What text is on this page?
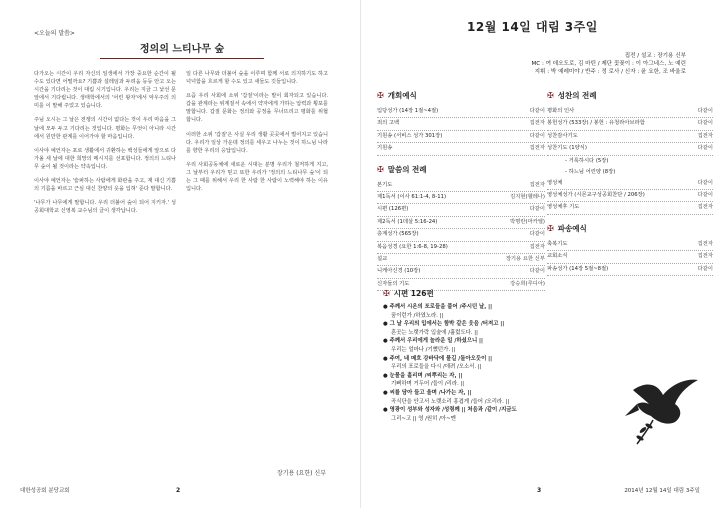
<오늘의 말씀>
정의의 느티나무 숲

다가오는 시간이 우리 자신의 일생에서 가장 중요한 순간이 될 수도 있다면 어떨까요? 기쁨과 설레임과 두려움 등등 안고 오는 시간을 기다리는 것이 대림 시기입니다. 우리는 지금 그 낯선 문 앞에서 기다립니다. 생태학에서의 '어린 왕자'에서 악우주의 의미를 이 말해 주었고 있습니다.

주님 오시는 그 날은 전쟁의 시간이 없다는 것이 우리 마음을 그 날에 모두 두고 기다리는 것입니다. 평화는 무엇이 아니라 시간에서 원만한 관계를 이어가야 할 마음입니다.

이사야 예언자는 포로 생활에서 귀환하는 백성들에게 앞으로 다가올 새 날에 대한 희망의 메시지를 선포합니다. 정의의 느티나무 숲이 될 것이라는 약속입니다.

이사야 예언자는 '슬퍼하는 사람에게 화관을 주고, 재 대신 기쁨의 기름을 바르고 근심 대신 찬양의 옷을 입혀' 준다 말합니다.

'나무가 나무에게 말합니다. 우리 더불어 숲이 되어 지키자.' 성공회대학교 신영복 교수님의 글이 생각납니다.

일 다른 나무와 더불어 숲을 이루며 함께 서로 의지하기도 하고 넉넉함을 흐르게 할 수도 있고 새들도 깃들입니다.

요즘 우리 사회에 소위 '갑질'이라는 말이 회자되고 있습니다. 갑을 관계라는 위계질서 속에서 약자에게 가하는 압력과 횡포를 말합니다. 갑질 문화는 정의와 공정을 무너뜨리고 평화를 위협합니다.

이러한 소위 '갑질'은 사실 우리 생활 곳곳에서 벌어지고 있습니다. 우리가 일상 가운데 정의를 세우고 나누는 것이 하느님 나라를 향한 우리의 응답입니다.

우리 사회공동체에 새로운 시대는 분명 우리가 철저하게 지고, 그 날부터 우리가 믿고 또한 우리가 '정의의 느티나무 숲'이 되는 그 때를 위해서 우리 한 사람 한 사람이 노력해야 하는 이유입니다.

장기용 (요한) 신부
대한성공회 분당교회	2
12월 14일 대림 3주일
집전 / 설교 : 장기용 신부
MC : 여 데오도로, 김 마틴 / 제단 꽃꽂이 : 이 아그네스, 노 예린
지휘 : 박 예레미야 / 반주 : 정 로사 / 신자 : 윤 요한, 조 바울로
✠ 개회예식
입당성가 (14장 1절~4절)	다같이
죄의 고백	집전자
기원송 (서비스 성가 301장)	다같이
기원송	집전자
✠ 말씀의 전례
본기도	집전자
제1독서 (이사 61:1-4, 8-11)	김지현(헬레나)
시편 (126편)	다같이
제2독서 (1데살 5:16-24)	박명란(마카엘)
층계성가 (565장)	다같이
복음성경 (요한 1:6-8, 19-28)	집전자
설교	장기용 요한 신부
니케아신경 (10장)	다같이
신자들의 기도	강승희(루디아)
✠ 성찬의 전례
평화의 인사	다같이
봉헌성가 (533장) / 봉헌 : 유청라아브라함	다같이
성찬감사기도	집전자
성찬기도 (1양식)	다같이
- 거룩하시다 (5장)
- 하느님 어린양 (8장)
영성체	다같이
영성체성가 (시몬교구성공회찬단 / 206장)	다같이
영성체후 기도	집전자
✠ 파송예식
축복기도	집전자
교회소식	집전자
파송성가 (14장 5절~8절)	다같이
✠ 시편 126편
● 주께서 시온의 포로들을 풀어 /주시던 날, ||
꿈이런가 /하였노라. ||
● 그 날 우리의 입에서는 함박 같은 웃음 /터져고 ||
혼곳는 노랫가락 입술에 /흘렀도다. ||
● 주께서 우리에게 놀라운 일 /하셨으니 ||
우리는 얼마나 /기뻤던가. ||
● 주여, 네 메흐 강바닥에 물길 /돌아오듯이 ||
우리의 포로들을 다시 /데려 /오소서. ||
● 눈물을 흘리며 /씨뿌리는 자, ||
기뻐하며 거두어 /들이 /리라. ||
● 씨를 담아 들고 울며 /나가는 자, ||
곡식단을 안고서 노랫소리 흥겹게 /들어 /오리라. ||
● 영광이 성부와 성자와 /성령께 || 처음과 /같이 /지금도
그리~고 || 영 /원히 /아~멘
2014년 12월 14일 대림 3주일
3
